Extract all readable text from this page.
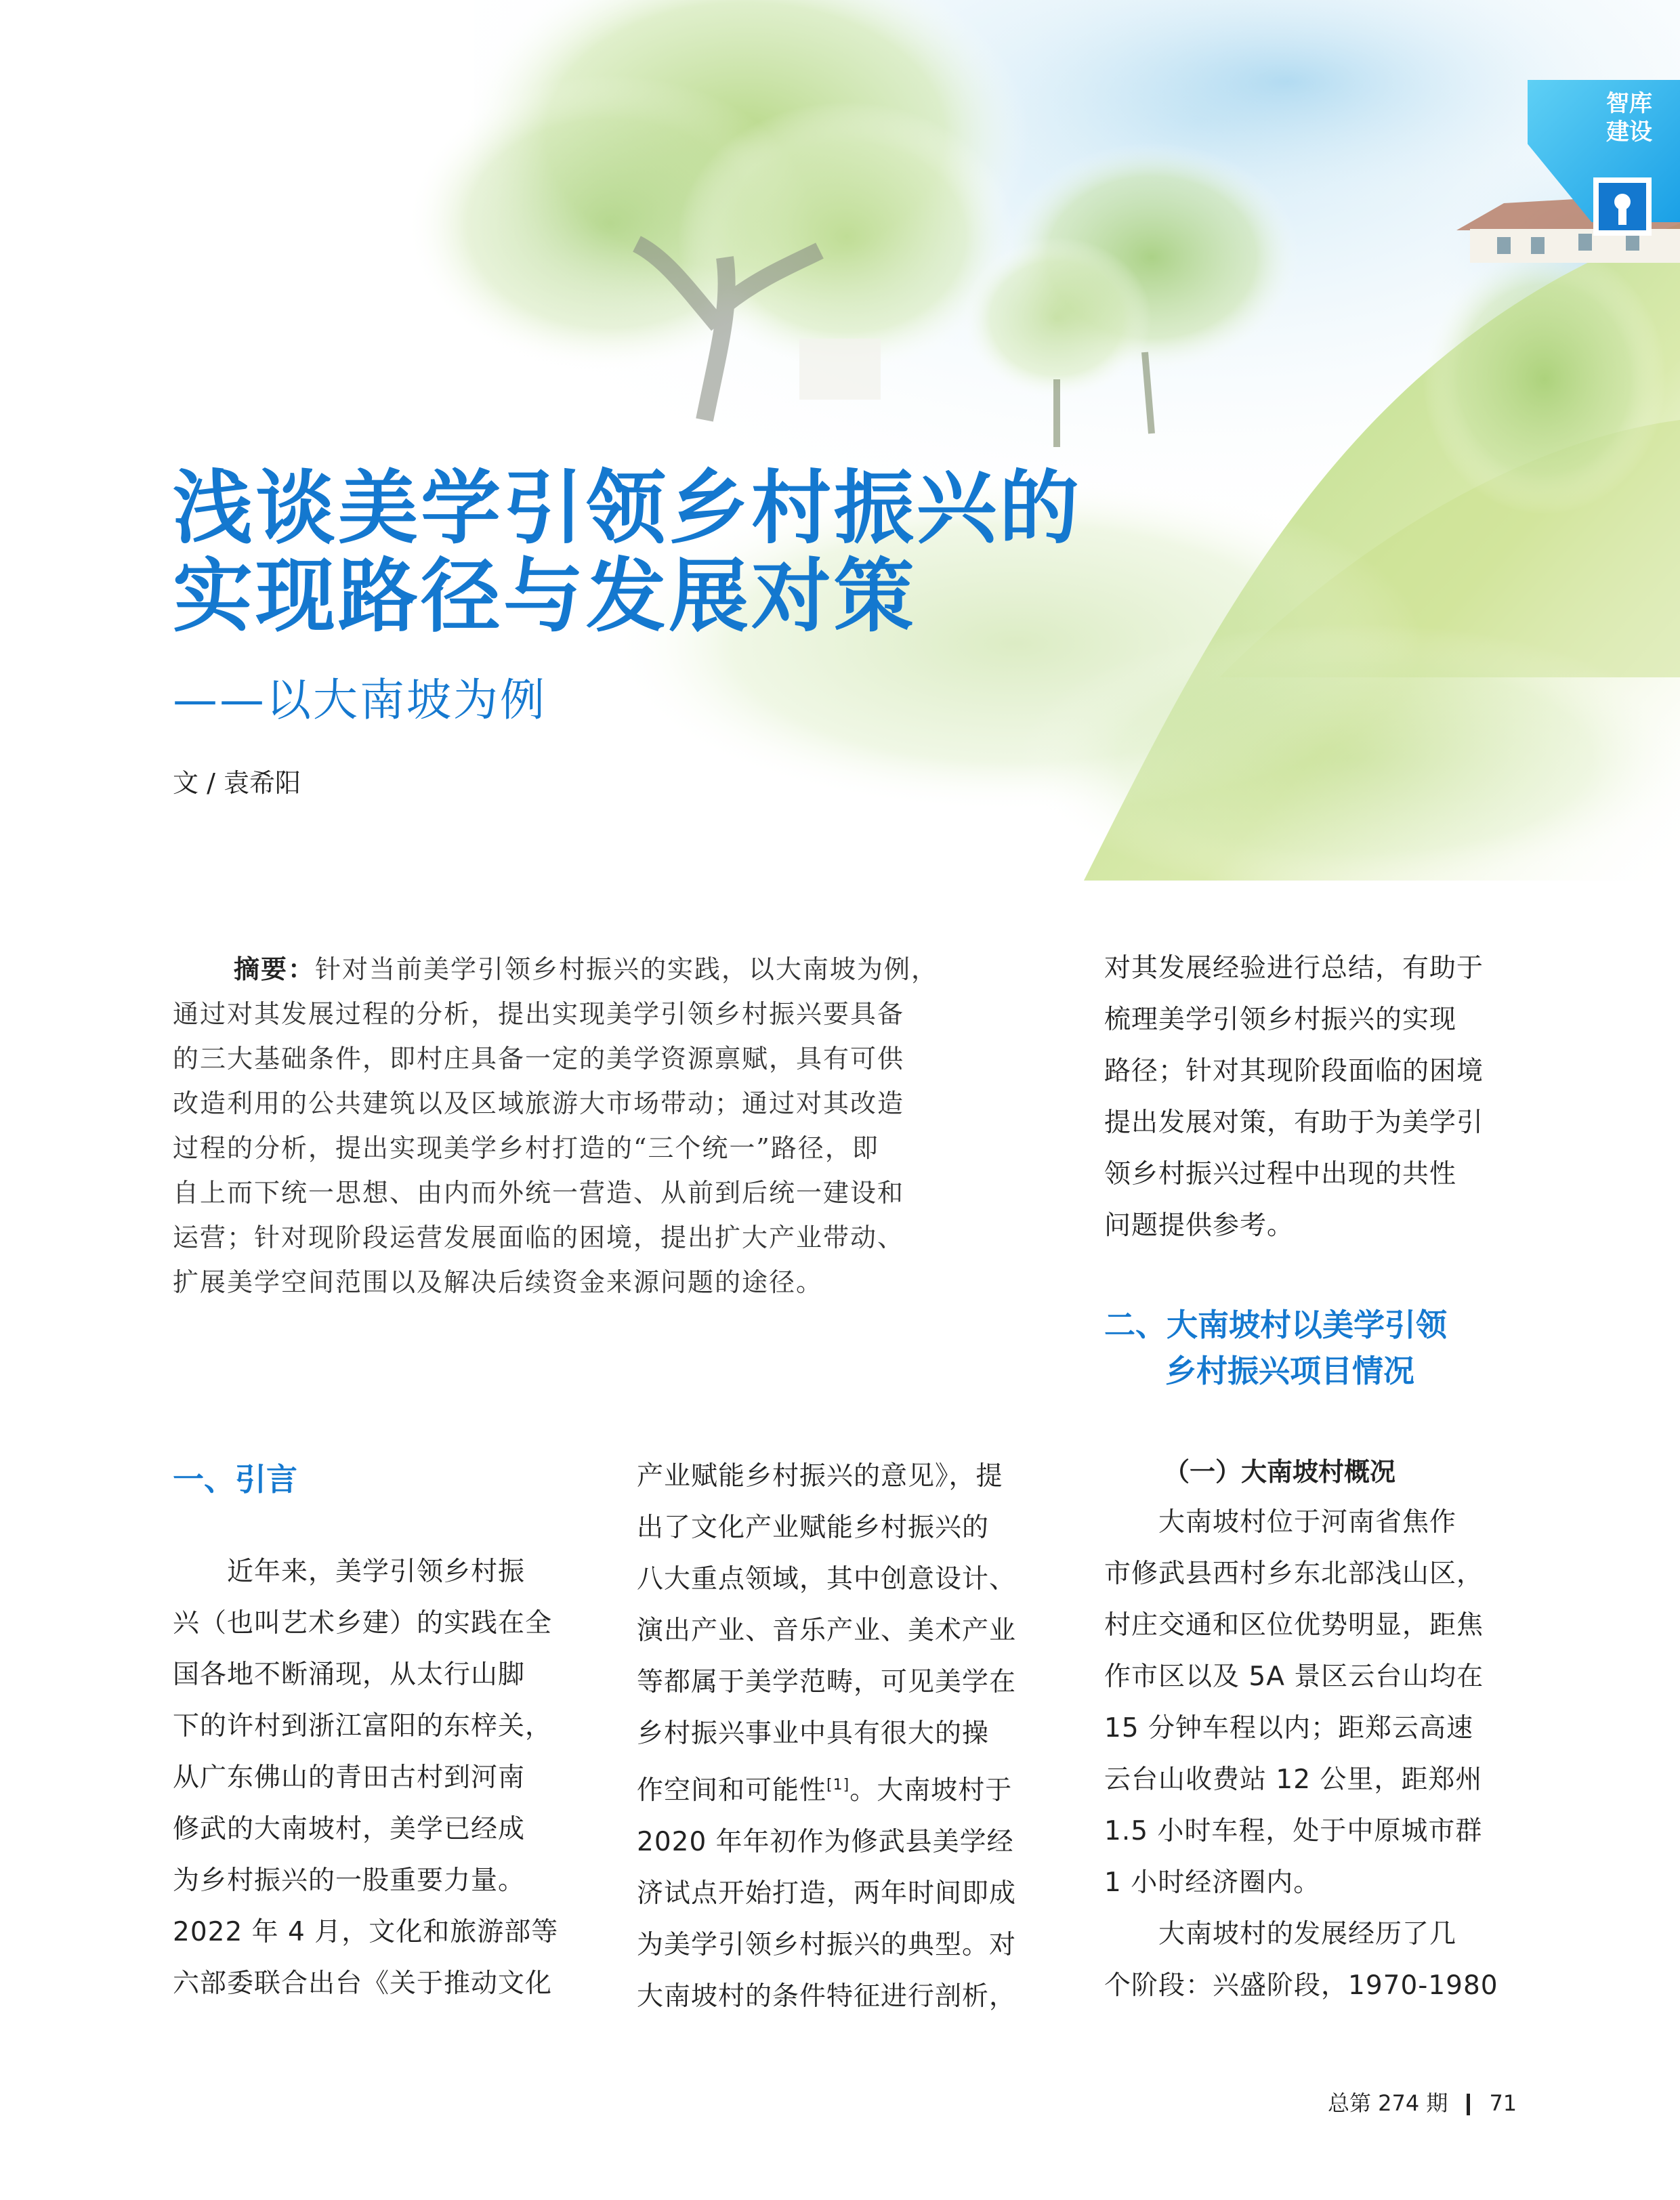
智库
建设
浅谈美学引领乡村振兴的
实现路径与发展对策
——以大南坡为例
文 / 袁希阳
摘要：针对当前美学引领乡村振兴的实践，以大南坡为例，
通过对其发展过程的分析，提出实现美学引领乡村振兴要具备
的三大基础条件，即村庄具备一定的美学资源禀赋，具有可供
改造利用的公共建筑以及区域旅游大市场带动；通过对其改造
过程的分析，提出实现美学乡村打造的“三个统一”路径，即
自上而下统一思想、由内而外统一营造、从前到后统一建设和
运营；针对现阶段运营发展面临的困境，提出扩大产业带动、
扩展美学空间范围以及解决后续资金来源问题的途径。
对其发展经验进行总结，有助于
梳理美学引领乡村振兴的实现
路径；针对其现阶段面临的困境
提出发展对策，有助于为美学引
领乡村振兴过程中出现的共性
问题提供参考。
二、大南坡村以美学引领
乡村振兴项目情况
（一）大南坡村概况
大南坡村位于河南省焦作
市修武县西村乡东北部浅山区，
村庄交通和区位优势明显，距焦
作市区以及 5A 景区云台山均在
15 分钟车程以内；距郑云高速
云台山收费站 12 公里，距郑州
1.5 小时车程，处于中原城市群
1 小时经济圈内。
大南坡村的发展经历了几
个阶段：兴盛阶段，1970-1980
一、引言
近年来，美学引领乡村振
兴（也叫艺术乡建）的实践在全
国各地不断涌现，从太行山脚
下的许村到浙江富阳的东梓关，
从广东佛山的青田古村到河南
修武的大南坡村，美学已经成
为乡村振兴的一股重要力量。
2022 年 4 月，文化和旅游部等
六部委联合出台《关于推动文化
产业赋能乡村振兴的意见》，提
出了文化产业赋能乡村振兴的
八大重点领域，其中创意设计、
演出产业、音乐产业、美术产业
等都属于美学范畴，可见美学在
乡村振兴事业中具有很大的操
作空间和可能性[1]。大南坡村于
2020 年年初作为修武县美学经
济试点开始打造，两年时间即成
为美学引领乡村振兴的典型。对
大南坡村的条件特征进行剖析，
总第 274 期 71
